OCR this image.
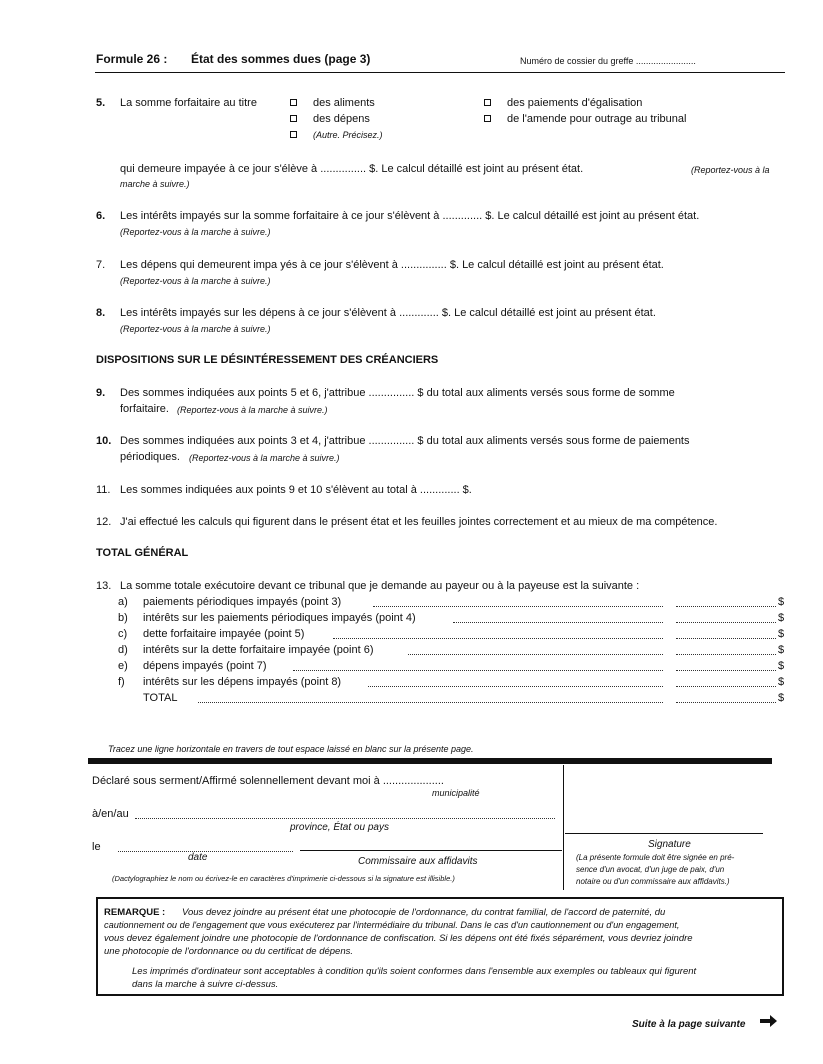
Formule 26 : État des sommes dues (page 3)	Numéro de cossier du greffe ........................
5. La somme forfaitaire au titre	des aliments
des dépens
(Autre. Précisez.)
des paiements d'égalisation
de l'amende pour outrage au tribunal
qui demeure impayée à ce jour s'élève à ............... $. Le calcul détaillé est joint au présent état.	(Reportez-vous à la
marche à suivre.)
6. Les intérêts impayés sur la somme forfaitaire à ce jour s'élèvent à ............. $. Le calcul détaillé est joint au présent état.
(Reportez-vous à la marche à suivre.)
7. Les dépens qui demeurent impa yés à ce jour s'élèvent à ............... $. Le calcul détaillé est joint au présent état.
(Reportez-vous à la marche à suivre.)
8. Les intérêts impayés sur les dépens à ce jour s'élèvent à ............. $. Le calcul détaillé est joint au présent état.
(Reportez-vous à la marche à suivre.)
DISPOSITIONS SUR LE DÉSINTÉRESSEMENT DES CRÉANCIERS
9. Des sommes indiquées aux points 5 et 6, j'attribue ............... $ du total aux aliments versés sous forme de somme
forfaitaire. (Reportez-vous à la marche à suivre.)
10. Des sommes indiquées aux points 3 et 4, j'attribue ............... $ du total aux aliments versés sous forme de paiements
périodiques. (Reportez-vous à la marche à suivre.)
11. Les sommes indiquées aux points 9 et 10 s'élèvent au total à ............. $.
12. J'ai effectué les calculs qui figurent dans le présent état et les feuilles jointes correctement et au mieux de ma compétence.
TOTAL GÉNÉRAL
13. La somme totale exécutoire devant ce tribunal que je demande au payeur ou à la payeuse est la suivante :
a) paiements périodiques impayés (point 3)	$
b) intérêts sur les paiements périodiques impayés (point 4)	$
c) dette forfaitaire impayée (point 5)	$
d) intérêts sur la dette forfaitaire impayée (point 6)	$
e) dépens impayés (point 7)	$
f) intérêts sur les dépens impayés (point 8)	$
TOTAL	$
Tracez une ligne horizontale en travers de tout espace laissé en blanc sur la présente page.
Déclaré sous serment/Affirmé solennellement devant moi à ....................
municipalité
à/en/au
province, État ou pays
le
date	Commissaire aux affidavits
(Dactylographiez le nom ou écrivez-le en caractères d'imprimerie ci-dessous si la signature est illisible.)
Signature
(La présente formule doit être signée en pré-
sence d'un avocat, d'un juge de paix, d'un
notaire ou d'un commissaire aux affidavits.)
REMARQUE : Vous devez joindre au présent état une photocopie de l'ordonnance, du contrat familial, de l'accord de paternité, du
cautionnement ou de l'engagement que vous exécuterez par l'intermédiaire du tribunal. Dans le cas d'un cautionnement ou d'un engagement,
vous devez également joindre une photocopie de l'ordonnance de confiscation. Si les dépens ont été fixés séparément, vous devriez joindre
une photocopie de l'ordonnance ou du certificat de dépens.
Les imprimés d'ordinateur sont acceptables à condition qu'ils soient conformes dans l'ensemble aux exemples ou tableaux qui figurent
dans la marche à suivre ci-dessus.
Suite à la page suivante
